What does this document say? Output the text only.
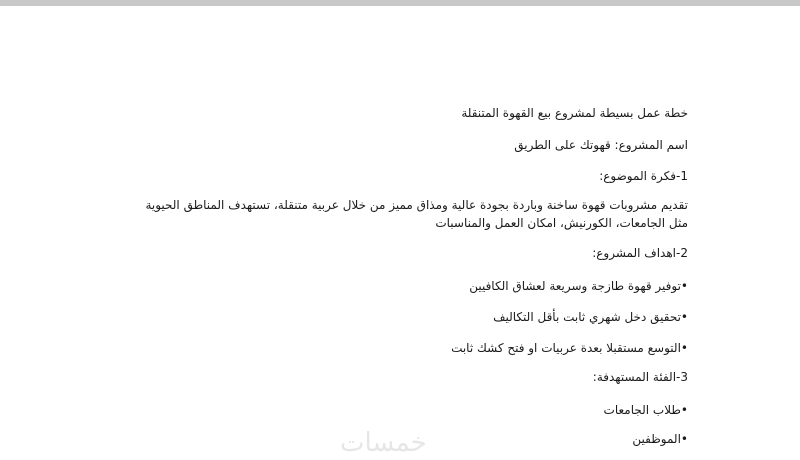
خطة عمل بسيطة لمشروع بيع القهوة المتنقلة
اسم المشروع: قهوتك على الطريق
1-فكرة الموضوع:
تقديم مشروبات قهوة ساخنة وباردة بجودة عالية ومذاق مميز من خلال عربية متنقلة، تستهدف المناطق الحيوية مثل الجامعات، الكورنيش، امكان العمل والمناسبات
2-اهداف المشروع:
•توفير قهوة طازجة وسريعة لعشاق الكافيين
•تحقيق دخل شهري ثابت بأقل التكاليف
•التوسع مستقبلا بعدة عربيات او فتح كشك ثابت
3-الفئة المستهدفة:
•طلاب الجامعات
•الموظفين
خمسات
